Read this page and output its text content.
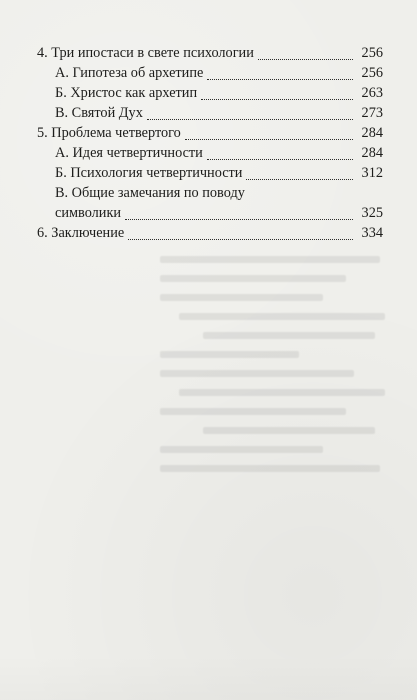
4. Три ипостаси в свете психологии	256
А. Гипотеза об архетипе	256
Б. Христос как архетип	263
В. Святой Дух	273
5. Проблема четвертого	284
А. Идея четвертичности	284
Б. Психология четвертичности	312
В. Общие замечания по поводу
символики	325
6. Заключение	334
